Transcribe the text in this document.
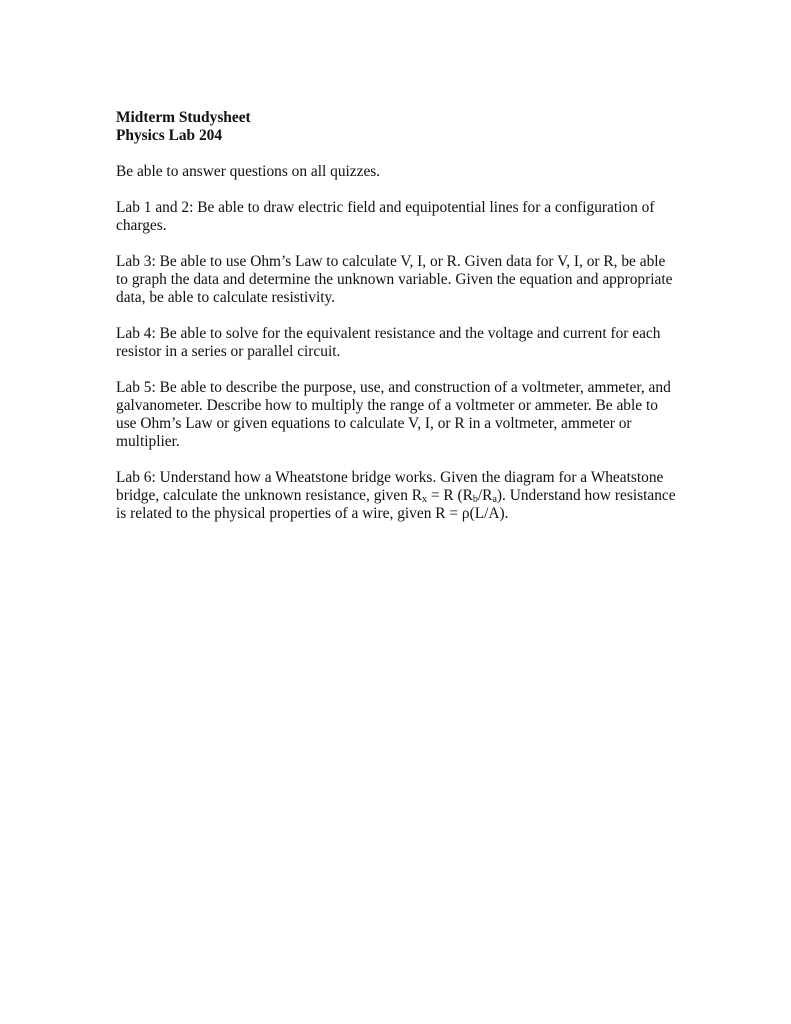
Midterm Studysheet
Physics Lab 204

Be able to answer questions on all quizzes.

Lab 1 and 2: Be able to draw electric field and equipotential lines for a configuration of charges.

Lab 3: Be able to use Ohm’s Law to calculate V, I, or R. Given data for V, I, or R, be able to graph the data and determine the unknown variable. Given the equation and appropriate data, be able to calculate resistivity.

Lab 4: Be able to solve for the equivalent resistance and the voltage and current for each resistor in a series or parallel circuit.

Lab 5: Be able to describe the purpose, use, and construction of a voltmeter, ammeter, and galvanometer. Describe how to multiply the range of a voltmeter or ammeter. Be able to use Ohm’s Law or given equations to calculate V, I, or R in a voltmeter, ammeter or multiplier.

Lab 6: Understand how a Wheatstone bridge works. Given the diagram for a Wheatstone bridge, calculate the unknown resistance, given $R_x = R$ $(R_b/R_a)$. Understand how resistance is related to the physical properties of a wire, given R = ρ(L/A).
